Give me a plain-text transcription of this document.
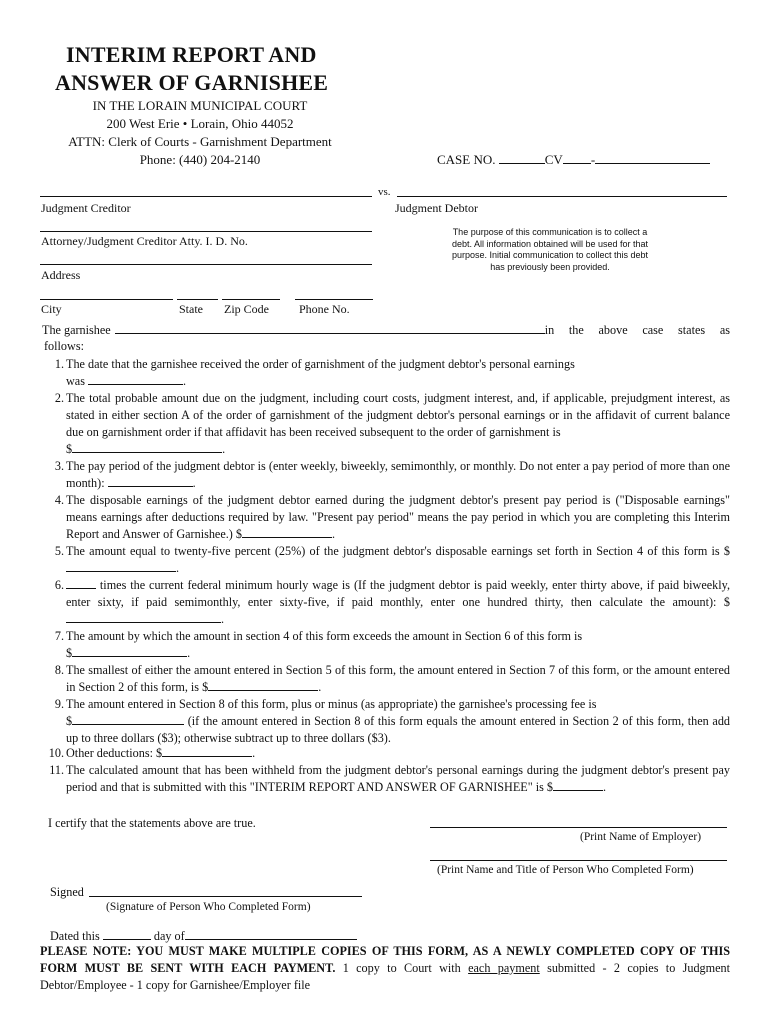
INTERIM REPORT AND
ANSWER OF GARNISHEE
IN THE LORAIN MUNICIPAL COURT
200 West Erie • Lorain, Ohio 44052
ATTN: Clerk of Courts - Garnishment Department
Phone: (440) 204-2140	CASE NO.	CV -
vs.
Judgment Creditor	Judgment Debtor
Attorney/Judgment Creditor Atty. I. D. No.
The purpose of this communication is to collect a debt. All information obtained will be used for that purpose. Initial communication to collect this debt has previously been provided.
Address
City	State Zip Code	Phone No.
The garnishee	in the above case states as
follows:
1. The date that the garnishee received the order of garnishment of the judgment debtor's personal earnings
was	.
2. The total probable amount due on the judgment, including court costs, judgment interest, and, if applicable, prejudgment interest, as stated in either section A of the order of garnishment of the judgment debtor's personal earnings or in the affidavit of current balance due on garnishment order if that affidavit has been received subsequent to the order of garnishment is
$	.
3. The pay period of the judgment debtor is (enter weekly, biweekly, semimonthly, or monthly. Do not enter a pay period of more than one month):	.
4. The disposable earnings of the judgment debtor earned during the judgment debtor's present pay period is ("Disposable earnings" means earnings after deductions required by law. "Present pay period" means the pay period in which you are completing this Interim Report and Answer of Garnishee.) $	.
5. The amount equal to twenty-five percent (25%) of the judgment debtor's disposable earnings set forth in Section 4 of this form is $.
6.	times the current federal minimum hourly wage is (If the judgment debtor is paid weekly, enter thirty above, if paid biweekly, enter sixty, if paid semimonthly, enter sixty-five, if paid monthly, enter one hundred thirty, then calculate the amount): $.
7. The amount by which the amount in section 4 of this form exceeds the amount in Section 6 of this form is
$	.
8. The smallest of either the amount entered in Section 5 of this form, the amount entered in Section 7 of this form, or the amount entered in Section 2 of this form, is $	.
9. The amount entered in Section 8 of this form, plus or minus (as appropriate) the garnishee's processing fee is
$	(if the amount entered in Section 8 of this form equals the amount entered in Section 2 of this form, then add up to three dollars ($3); otherwise subtract up to three dollars ($3).
10. Other deductions: $	.
11. The calculated amount that has been withheld from the judgment debtor's personal earnings during the judgment debtor's present pay period and that is submitted with this "INTERIM REPORT AND ANSWER OF GARNISHEE" is $	.
I certify that the statements above are true.
(Print Name of Employer)
(Print Name and Title of Person Who Completed Form)
Signed
(Signature of Person Who Completed Form)
Dated this	day of
PLEASE NOTE: YOU MUST MAKE MULTIPLE COPIES OF THIS FORM, AS A NEWLY COMPLETED COPY OF THIS FORM MUST BE SENT WITH EACH PAYMENT. 1 copy to Court with each payment submitted - 2 copies to Judgment Debtor/Employee - 1 copy for Garnishee/Employer file
